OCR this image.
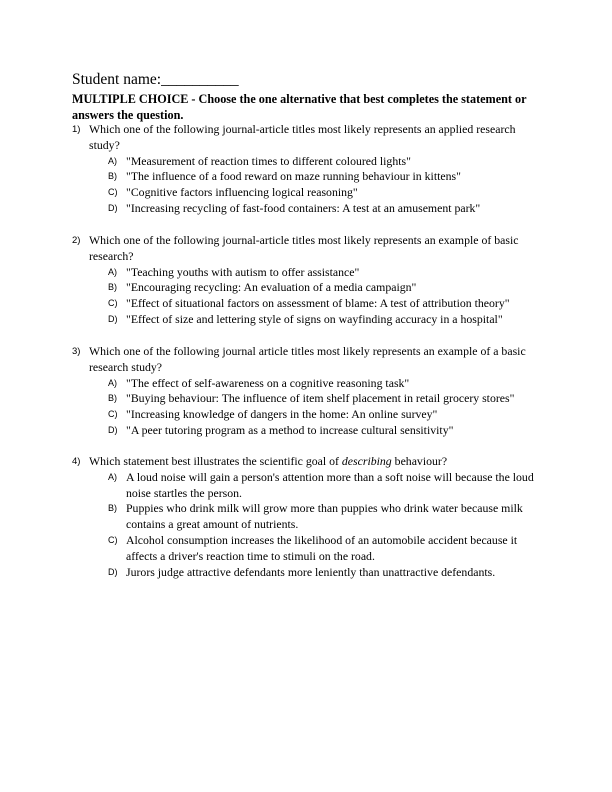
Student name:__________
MULTIPLE CHOICE - Choose the one alternative that best completes the statement or answers the question.
1) Which one of the following journal-article titles most likely represents an applied research study?
A) "Measurement of reaction times to different coloured lights"
B) "The influence of a food reward on maze running behaviour in kittens"
C) "Cognitive factors influencing logical reasoning"
D) "Increasing recycling of fast-food containers: A test at an amusement park"
2) Which one of the following journal-article titles most likely represents an example of basic research?
A) "Teaching youths with autism to offer assistance"
B) "Encouraging recycling: An evaluation of a media campaign"
C) "Effect of situational factors on assessment of blame: A test of attribution theory"
D) "Effect of size and lettering style of signs on wayfinding accuracy in a hospital"
3) Which one of the following journal article titles most likely represents an example of a basic research study?
A) "The effect of self-awareness on a cognitive reasoning task"
B) "Buying behaviour: The influence of item shelf placement in retail grocery stores"
C) "Increasing knowledge of dangers in the home: An online survey"
D) "A peer tutoring program as a method to increase cultural sensitivity"
4) Which statement best illustrates the scientific goal of describing behaviour?
A) A loud noise will gain a person's attention more than a soft noise will because the loud noise startles the person.
B) Puppies who drink milk will grow more than puppies who drink water because milk contains a great amount of nutrients.
C) Alcohol consumption increases the likelihood of an automobile accident because it affects a driver's reaction time to stimuli on the road.
D) Jurors judge attractive defendants more leniently than unattractive defendants.
